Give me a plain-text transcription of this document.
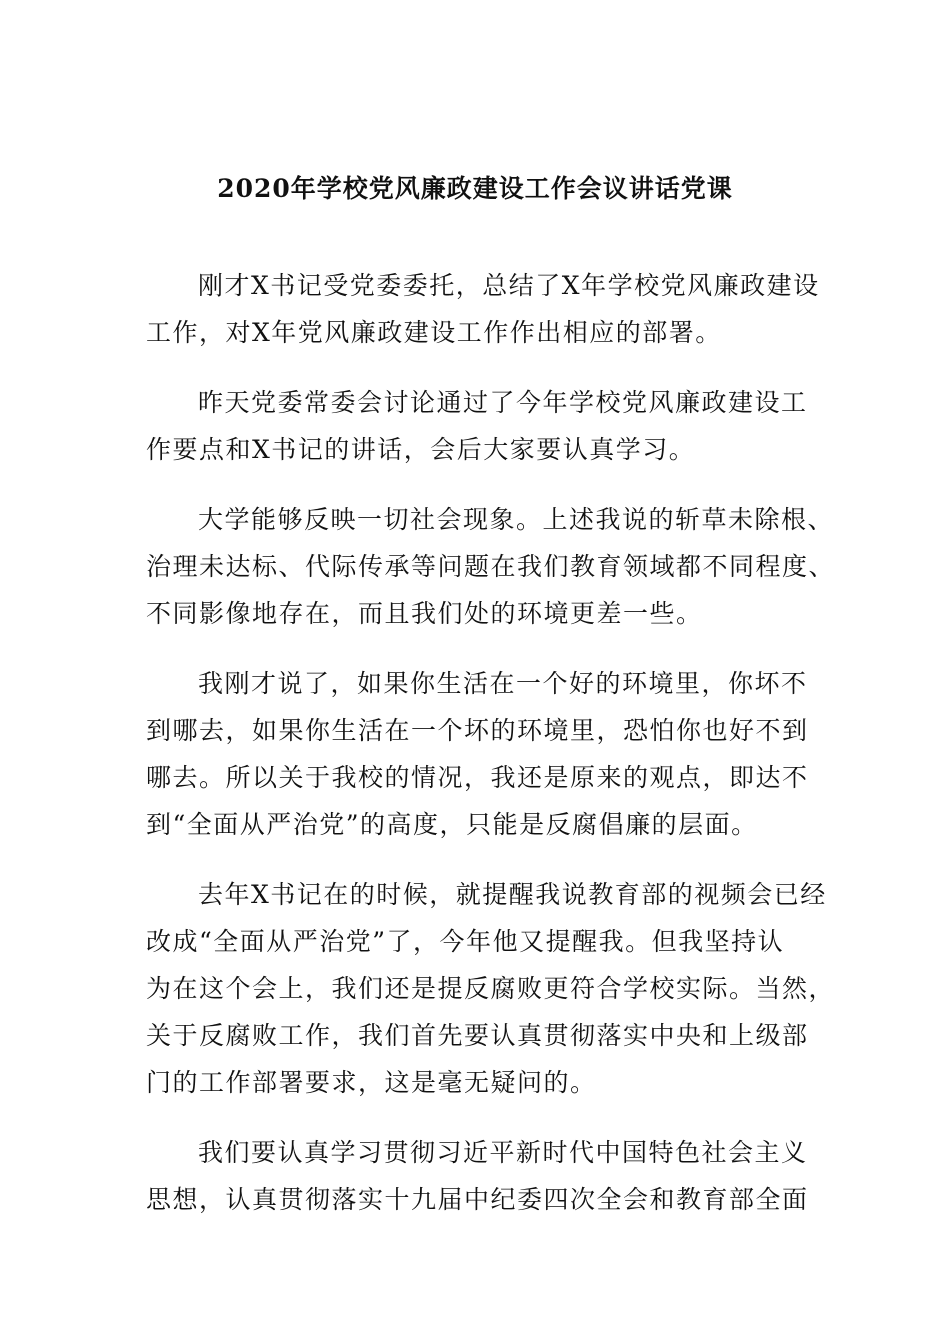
2020年学校党风廉政建设工作会议讲话党课
刚才X书记受党委委托，总结了X年学校党风廉政建设
工作，对X年党风廉政建设工作作出相应的部署。
昨天党委常委会讨论通过了今年学校党风廉政建设工
作要点和X书记的讲话，会后大家要认真学习。
大学能够反映一切社会现象。上述我说的斩草未除根、
治理未达标、代际传承等问题在我们教育领域都不同程度、
不同影像地存在，而且我们处的环境更差一些。
我刚才说了，如果你生活在一个好的环境里，你坏不
到哪去，如果你生活在一个坏的环境里，恐怕你也好不到
哪去。所以关于我校的情况，我还是原来的观点，即达不
到“全面从严治党”的高度，只能是反腐倡廉的层面。
去年X书记在的时候，就提醒我说教育部的视频会已经
改成“全面从严治党”了，今年他又提醒我。但我坚持认
为在这个会上，我们还是提反腐败更符合学校实际。当然，
关于反腐败工作，我们首先要认真贯彻落实中央和上级部
门的工作部署要求，这是毫无疑问的。
我们要认真学习贯彻习近平新时代中国特色社会主义
思想，认真贯彻落实十九届中纪委四次全会和教育部全面
